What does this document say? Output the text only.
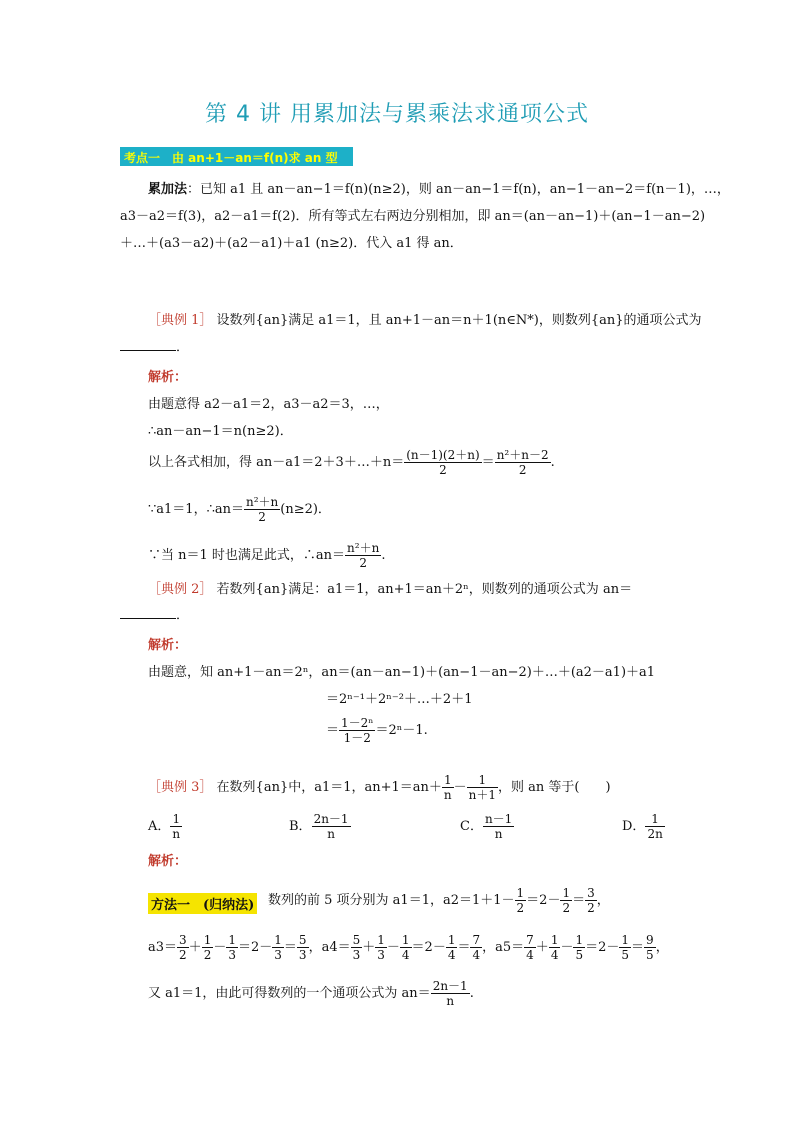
第 4 讲 用累加法与累乘法求通项公式
考点一　由 an+1－an＝f(n)求 an 型
累加法：已知 a1 且 an－an−1＝f(n)(n≥2)，则 an－an−1＝f(n)，an−1－an−2＝f(n－1)，…，
a3－a2＝f(3)，a2－a1＝f(2)．所有等式左右两边分别相加，即 an＝(an－an−1)＋(an−1－an−2)
＋…＋(a3－a2)＋(a2－a1)＋a1 (n≥2)．代入 a1 得 an．
［典例 1］ 设数列{an}满足 a1＝1，且 an+1－an＝n＋1(n∈N*)，则数列{an}的通项公式为
．
解析：
由题意得 a2－a1＝2，a3－a2＝3，…，
∴an－an−1＝n(n≥2)．
以上各式相加，得 an－a1＝2＋3＋…＋n＝ $\frac{(n-1)(2+n)}{2} = \frac{\text{n²＋n－2}}{2}$ .
∵a1＝1，∴an＝ $\frac{\text{n²＋n}}{2} (n\ge 2)$．
∵当 n＝1 时也满足此式，∴an＝ $\frac{\text{n²＋n}}{2}$ .
［典例 2］ 若数列{an}满足：a1＝1，an+1＝an＋2ⁿ，则数列的通项公式为 an＝
．
解析：
由题意，知 an+1－an＝2ⁿ，an＝(an－an−1)＋(an−1－an−2)＋…＋(a2－a1)＋a1
＝2ⁿ⁻¹＋2ⁿ⁻²＋…＋2＋1
＝ $\frac{\text{1－2ⁿ}}{1-2} =2^n-1$.
［典例 3］ 在数列{an}中，a1＝1，$an+1=an+ \frac{1}{n} - \frac{1}{n+1}$ ，则 an 等于(　　)
A． $\frac{1}{n}$	B． $\frac{2n-1}{n}$	C． $\frac{n-1}{n}$	D． $\frac{1}{2n}$
解析：
方法一　(归纳法) 数列的前 5 项分别为 a1＝1，$a2=1+1- \frac{1}{2} =2- \frac{1}{2} = \frac{3}{2}$ ，
$a3= \frac{3}{2} + \frac{1}{2} - \frac{1}{3} =2- \frac{1}{3} = \frac{5}{3}$ ，$a4= \frac{5}{3} + \frac{1}{3} - \frac{1}{4} =2- \frac{1}{4} = \frac{7}{4}$ ，$a5= \frac{7}{4} + \frac{1}{4} - \frac{1}{5} =2- \frac{1}{5} = \frac{9}{5}$ ，
又 a1＝1，由此可得数列的一个通项公式为 $an= \frac{2n-1}{n}$ .
